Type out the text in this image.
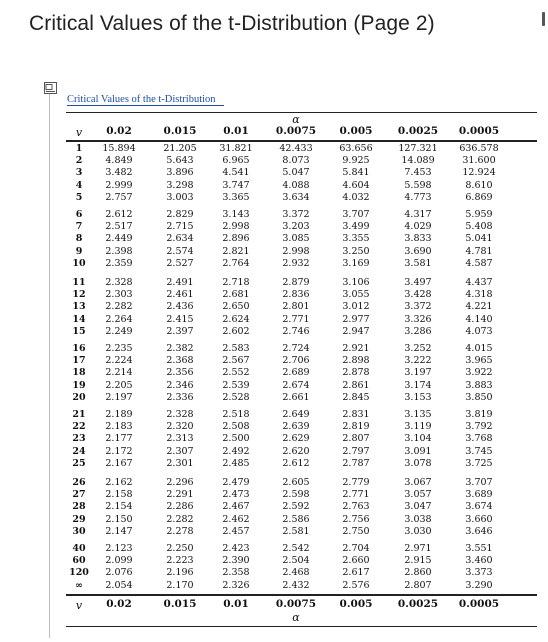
Critical Values of the t-Distribution (Page 2)
Critical Values of the t-Distribution
α
v	0.02	0.015	0.01	0.0075	0.005	0.0025	0.0005
1	15.894	21.205	31.821	42.433	63.656	127.321	636.578
2	4.849	5.643	6.965	8.073	9.925	14.089	31.600
3	3.482	3.896	4.541	5.047	5.841	7.453	12.924
4	2.999	3.298	3.747	4.088	4.604	5.598	8.610
5	2.757	3.003	3.365	3.634	4.032	4.773	6.869
6	2.612	2.829	3.143	3.372	3.707	4.317	5.959
7	2.517	2.715	2.998	3.203	3.499	4.029	5.408
8	2.449	2.634	2.896	3.085	3.355	3.833	5.041
9	2.398	2.574	2.821	2.998	3.250	3.690	4.781
10	2.359	2.527	2.764	2.932	3.169	3.581	4.587
11	2.328	2.491	2.718	2.879	3.106	3.497	4.437
12	2.303	2.461	2.681	2.836	3.055	3.428	4.318
13	2.282	2.436	2.650	2.801	3.012	3.372	4.221
14	2.264	2.415	2.624	2.771	2.977	3.326	4.140
15	2.249	2.397	2.602	2.746	2.947	3.286	4.073
16	2.235	2.382	2.583	2.724	2.921	3.252	4.015
17	2.224	2.368	2.567	2.706	2.898	3.222	3.965
18	2.214	2.356	2.552	2.689	2.878	3.197	3.922
19	2.205	2.346	2.539	2.674	2.861	3.174	3.883
20	2.197	2.336	2.528	2.661	2.845	3.153	3.850
21	2.189	2.328	2.518	2.649	2.831	3.135	3.819
22	2.183	2.320	2.508	2.639	2.819	3.119	3.792
23	2.177	2.313	2.500	2.629	2.807	3.104	3.768
24	2.172	2.307	2.492	2.620	2.797	3.091	3.745
25	2.167	2.301	2.485	2.612	2.787	3.078	3.725
26	2.162	2.296	2.479	2.605	2.779	3.067	3.707
27	2.158	2.291	2.473	2.598	2.771	3.057	3.689
28	2.154	2.286	2.467	2.592	2.763	3.047	3.674
29	2.150	2.282	2.462	2.586	2.756	3.038	3.660
30	2.147	2.278	2.457	2.581	2.750	3.030	3.646
40	2.123	2.250	2.423	2.542	2.704	2.971	3.551
60	2.099	2.223	2.390	2.504	2.660	2.915	3.460
120	2.076	2.196	2.358	2.468	2.617	2.860	3.373
∞	2.054	2.170	2.326	2.432	2.576	2.807	3.290
v	0.02	0.015	0.01	0.0075	0.005	0.0025	0.0005
α
